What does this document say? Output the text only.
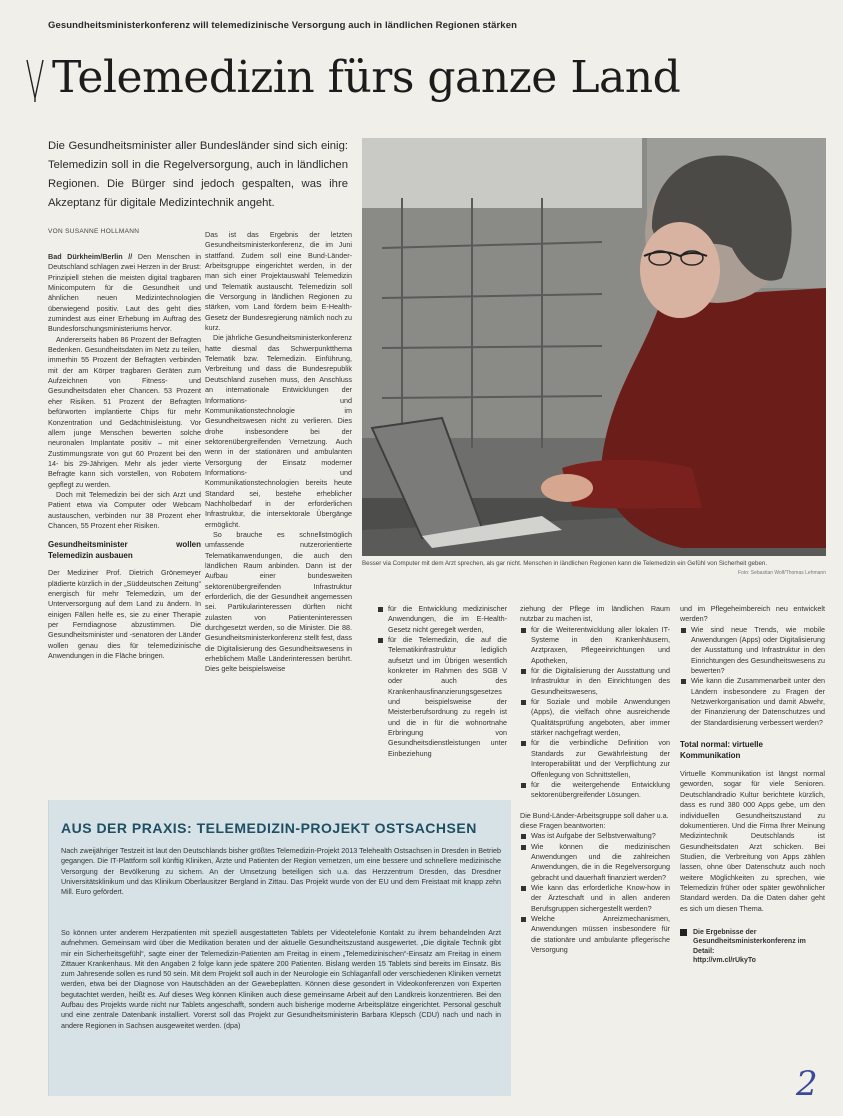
Gesundheitsministerkonferenz will telemedizinische Versorgung auch in ländlichen Regionen stärken
Telemedizin fürs ganze Land
Die Gesundheitsminister aller Bundesländer sind sich einig: Telemedizin soll in die Regelversorgung, auch in ländlichen Regionen. Die Bürger sind jedoch gespalten, was ihre Akzeptanz für digitale Medizintechnik angeht.
VON SUSANNE HOLLMANN

Bad Dürkheim/Berlin // Den Menschen in Deutschland schlagen zwei Herzen in der Brust: Prinzipiell stehen die meisten digital tragbaren Minicomputern für die Gesundheit und ähnlichen neuen Medizintechnologien überwiegend positiv. Laut des geht dies zumindest aus einer Erhebung im Auftrag des Bundesforschungsministeriums hervor.

Andererseits haben 86 Prozent der Befragten Bedenken. Gesundheitsdaten im Netz zu teilen, immerhin 55 Prozent der Befragten verbinden mit der am Körper tragbaren Geräten zum Aufzeichnen von Fitness- und Gesundheitsdaten eher Chancen. 53 Prozent eher Risiken. 51 Prozent der Befragten befürworten implantierte Chips für mehr Konzentration und Gedächtnisleistung. Vor allem junge Menschen bewerten solche neuronalen Implantate positiv – mit einer Zustimmungsrate von gut 60 Prozent bei den 14- bis 29-Jährigen. Mehr als jeder vierte Befragte kann sich vorstellen, von Robotern gepflegt zu werden.

Doch mit Telemedizin bei der sich Arzt und Patient etwa via Computer oder Webcam austauschen, verbinden nur 38 Prozent eher Chancen, 55 Prozent eher Risiken.

Gesundheitsminister wollen Telemedizin ausbauen

Der Mediziner Prof. Dietrich Grönemeyer plädierte kürzlich in der „Süddeutschen Zeitung“ energisch für mehr Telemedizin, um der Unterversorgung auf dem Land zu ändern. In einigen Fällen helfe es, sie zu einer Therapie per Ferndiagnose abzustimmen. Die Gesundheitsminister und -senatoren der Länder wollen genau dies für telemedizinische Anwendungen in die Fläche bringen.

Das ist das Ergebnis der letzten Gesundheitsministerkonferenz, die im Juni stattfand. Zudem soll eine Bund-Länder-Arbeitsgruppe eingerichtet werden, in der man sich einer Projektauswahl Telemedizin und Telematik austauscht. Telemedizin soll die Versorgung in ländlichen Regionen zu stärken, vom Land fördern beim E-Health-Gesetz der Bundesregierung nämlich noch zu kurz.

Die jährliche Gesundheitsministerkonferenz hatte diesmal das Schwerpunktthema Telematik bzw. Telemedizin. Einführung, Verbreitung und dass die Bundesrepublik Deutschland zusehen muss, den Anschluss an internationale Entwicklungen der Informations- und Kommunikationstechnologie im Gesundheitswesen nicht zu verlieren. Dies drohe insbesondere bei der sektorenübergreifenden Vernetzung. Auch wenn in der stationären und ambulanten Versorgung der Einsatz moderner Informations- und Kommunikationstechnologien bereits heute Standard sei, bestehe erheblicher Nachholbedarf in der erforderlichen Infrastruktur, die intersektorale Übergänge ermöglicht.

So brauche es schnellstmöglich umfassende nutzerorientierte Telematikanwendungen, die auch den ländlichen Raum anbinden. Dann ist der Aufbau einer bundesweiten sektorenübergreifenden Infrastruktur erforderlich, die der Gesundheit angemessen sei. Partikularinteressen dürften nicht zulasten von Patienteninteressen durchgesetzt werden, so die Minister. Die 88. Gesundheitsministerkonferenz stellt fest, dass die Digitalisierung des Gesundheitswesens in erheblichem Maße Länderinteressen berührt. Dies gelte beispielsweise

Besser via Computer mit dem Arzt sprechen, als gar nicht. Menschen in ländlichen Regionen kann die Telemedizin ein Gefühl von Sicherheit geben.
Foto: Sebastian Wolf/Thomas Lehmann
für die Entwicklung medizinischer Anwendungen, die im E-Health-Gesetz nicht geregelt werden,
für die Telemedizin, die auf die Telematikinfrastruktur lediglich aufsetzt und im Übrigen wesentlich konkreter im Rahmen des SGB V oder auch des Krankenhausfinanzierungsgesetzes und beispielsweise der Meisterberufsordnung zu regeln ist und die in für die wohnortnahe Erbringung von Gesundheitsdienstleistungen unter Einbeziehung

ziehung der Pflege im ländlichen Raum nutzbar zu machen ist,

für die Weiterentwicklung aller lokalen IT-Systeme in den Krankenhäusern, Arztpraxen, Pflegeeinrichtungen und Apotheken,
für die Digitalisierung der Ausstattung und Infrastruktur in den Einrichtungen des Gesundheitswesens,
für Soziale und mobile Anwendungen (Apps), die vielfach ohne ausreichende Qualitätsprüfung angeboten, aber immer stärker nachgefragt werden,
für die verbindliche Definition von Standards zur Gewährleistung der Interoperabilität und der Verpflichtung zur Offenlegung von Schnittstellen,
für die weitergehende Entwicklung sektorenübergreifender Lösungen.

Die Bund-Länder-Arbeitsgruppe soll daher u.a. diese Fragen beantworten:

Was ist Aufgabe der Selbstverwaltung?
Wie können die medizinischen Anwendungen und die zahlreichen Anwendungen, die in die Regelversorgung gebracht und dauerhaft finanziert werden?
Wie kann das erforderliche Know-how in der Ärzteschaft und in allen anderen Berufsgruppen sichergestellt werden?
Welche Anreizmechanismen, Anwendungen müssen insbesondere für die stationäre und ambulante pflegerische Versorgung

und im Pflegeheimbereich neu entwickelt werden?

Wie sind neue Trends, wie mobile Anwendungen (Apps) oder Digitalisierung der Ausstattung und Infrastruktur in den Einrichtungen des Gesundheitswesens zu bewerten?
Wie kann die Zusammenarbeit unter den Ländern insbesondere zu Fragen der Netzwerkorganisation und damit Abwehr, der Finanzierung der Datenschutzes und der Standardisierung verbessert werden?
Total normal: virtuelle Kommunikation

Virtuelle Kommunikation ist längst normal geworden, sogar für viele Senioren. Deutschlandradio Kultur berichtete kürzlich, dass es rund 380 000 Apps gebe, um den individuellen Gesundheitszustand zu dokumentieren. Und die Firma Ihrer Meinung Medizintechnik Deutschlands ist Gesundheitsdaten Arzt schicken. Bei Studien, die Verbreitung von Apps zählen lassen, ohne über Datenschutz auch noch weitere Möglichkeiten zu sprechen, wie Telemedizin früher oder später gewöhnlicher Standard werden. Da die Daten daher geht es sich um diesen Thema.

Die Ergebnisse der Gesundheitsministerkonferenz im Detail:
http://vm.cl/rUkyTo
AUS DER PRAXIS: TELEMEDIZIN-PROJEKT OSTSACHSEN
Nach zweijähriger Testzeit ist laut den Deutschlands bisher größtes Telemedizin-Projekt 2013 Telehealth Ostsachsen in Dresden in Betrieb gegangen. Die IT-Plattform soll künftig Kliniken, Ärzte und Patienten der Region vernetzen, um eine bessere und schnellere medizinische Versorgung der Bevölkerung zu sichern. An der Umsetzung beteiligen sich u.a. das Herzzentrum Dresden, das Dresdner Universitätsklinikum und das Klinikum Oberlausitzer Bergland in Zittau. Das Projekt wurde von der EU und dem Freistaat mit knapp zehn Mill. Euro gefördert.
So können unter anderem Herzpatienten mit speziell ausgestatteten Tablets per Videotelefonie Kontakt zu ihrem behandelnden Arzt aufnehmen. Gemeinsam wird über die Medikation beraten und der aktuelle Gesundheitszustand ausgewertet. „Die digitale Technik gibt mir ein Sicherheitsgefühl“, sagte einer der Telemedizin-Patienten am Freitag in einem „Telemedizinischen“-Einsatz am Freitag in einem Zittauer Krankenhaus. Mit den Angaben 2 folge kann jede spätere 200 Patienten. Bislang werden 15 Tablets sind bereits im Einsatz. Bis zum Jahresende sollen es rund 50 sein. Mit dem Projekt soll auch in der Neurologie ein Schlaganfall oder verschiedenen Kliniken vernetzt werden, etwa bei der Diagnose von Hautschäden an der Gewebeplatten. Können diese gesondert in Videokonferenzen von Experten begutachtet werden, heißt es. Auf dieses Weg können Kliniken auch diese gemeinsame Arbeit auf den Landkreis konzentrieren. Bei den Aufbau des Projekts wurde nicht nur Tablets angeschafft, sondern auch bisherige moderne Arbeitsplätze eingerichtet. Personal geschult und eine zentrale Datenbank installiert. Vorerst soll das Projekt zur Gesundheitsministerin Barbara Klepsch (CDU) nach und nach in andere Regionen in Sachsen ausgeweitet werden. (dpa)
2
